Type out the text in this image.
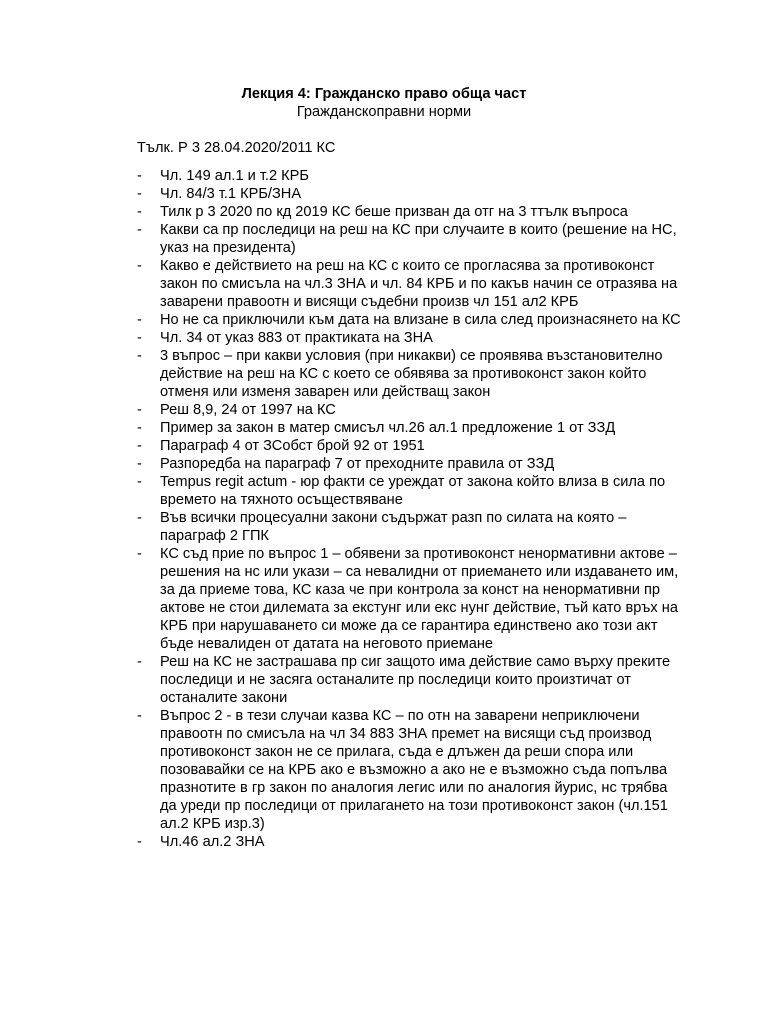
Лекция 4: Гражданско право обща част
Гражданскоправни норми
Тълк. Р 3 28.04.2020/2011 КС
- Чл. 149 ал.1 и т.2 КРБ
- Чл. 84/3 т.1 КРБ/ЗНА
- Тилк р 3 2020 по кд 2019 КС беше призван да отг на 3 ттълк въпроса
- Какви са пр последици на реш на КС при случаите в които (решение на НС, указ на президента)
- Какво е действието на реш на КС с които се прогласява за противоконст закон по смисъла на чл.3 ЗНА и чл. 84 КРБ и по какъв начин се отразява на заварени правоотн и висящи съдебни произв чл 151 ал2 КРБ
- Но не са приключили към дата на влизане в сила след произнасянето на КС
- Чл. 34 от указ 883 от практиката на ЗНА
- 3 въпрос – при какви условия (при никакви) се проявява възстановително действие на реш на КС с което се обявява за противоконст закон който отменя или изменя заварен или действащ закон
- Реш 8,9, 24 от 1997 на КС
- Пример за закон в матер смисъл чл.26 ал.1 предложение 1 от ЗЗД
- Параграф 4 от ЗСобст брой 92 от 1951
- Разпоредба на параграф 7 от преходните правила от ЗЗД
- Tempus regit actum - юр факти се уреждат от закона който влиза в сила по времето на тяхното осъществяване
- Във всички процесуални закони съдържат разп по силата на която – параграф 2 ГПК
- КС съд прие по въпрос 1 – обявени за противоконст ненормативни актове – решения на нс или укази – са невалидни от приемането или издаването им, за да приеме това, КС каза че при контрола за конст на ненормативни пр актове не стои дилемата за екстунг или екс нунг действие, тъй като връх на КРБ при нарушаването си може да се гарантира единствено ако този акт бъде невалиден от датата на неговото приемане
- Реш на КС не застрашава пр сиг защото има действие само върху преките последици и не засяга останалите пр последици които произтичат от останалите закони
- Въпрос 2 - в тези случаи казва КС – по отн на заварени неприключени правоотн по смисъла на чл 34 883 ЗНА премет на висящи съд производ противоконст закон не се прилага, съда е длъжен да реши спора или позовавайки се на КРБ ако е възможно а ако не е възможно съда попълва празнотите в гр закон по аналогия легис или по аналогия йурис, нс трябва да уреди пр последици от прилагането на този противоконст закон (чл.151 ал.2 КРБ изр.3)
- Чл.46 ал.2 ЗНА
